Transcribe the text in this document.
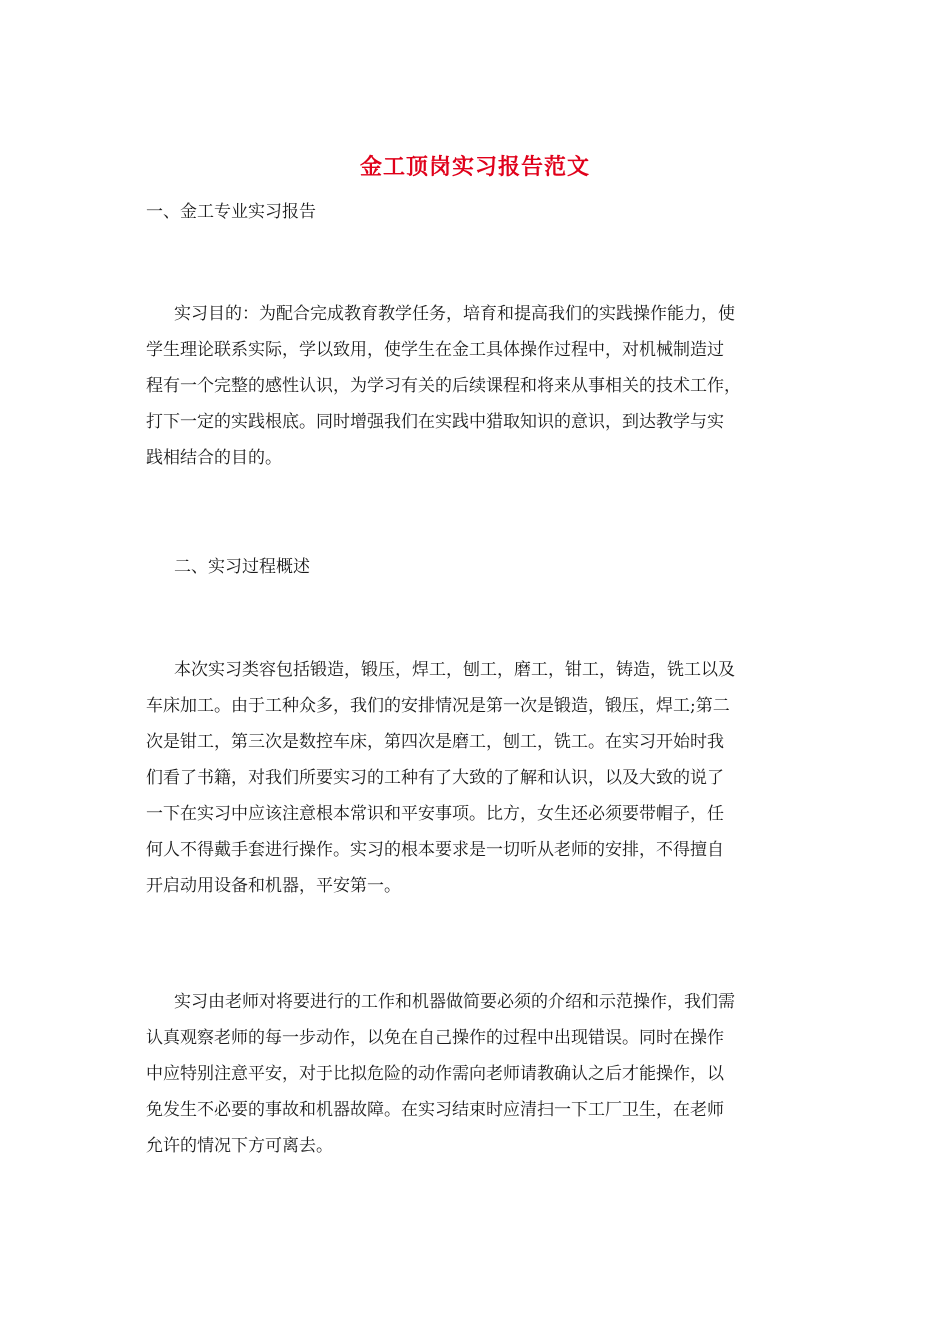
金工顶岗实习报告范文
一、金工专业实习报告
实习目的：为配合完成教育教学任务，培育和提高我们的实践操作能力，使
学生理论联系实际，学以致用，使学生在金工具体操作过程中，对机械制造过
程有一个完整的感性认识，为学习有关的后续课程和将来从事相关的技术工作，
打下一定的实践根底。同时增强我们在实践中猎取知识的意识，到达教学与实
践相结合的目的。
二、实习过程概述
本次实习类容包括锻造，锻压，焊工，刨工，磨工，钳工，铸造，铣工以及
车床加工。由于工种众多，我们的安排情况是第一次是锻造，锻压，焊工;第二
次是钳工，第三次是数控车床，第四次是磨工，刨工，铣工。在实习开始时我
们看了书籍，对我们所要实习的工种有了大致的了解和认识，以及大致的说了
一下在实习中应该注意根本常识和平安事项。比方，女生还必须要带帽子，任
何人不得戴手套进行操作。实习的根本要求是一切听从老师的安排，不得擅自
开启动用设备和机器，平安第一。
实习由老师对将要进行的工作和机器做简要必须的介绍和示范操作，我们需
认真观察老师的每一步动作，以免在自己操作的过程中出现错误。同时在操作
中应特别注意平安，对于比拟危险的动作需向老师请教确认之后才能操作，以
免发生不必要的事故和机器故障。在实习结束时应清扫一下工厂卫生，在老师
允许的情况下方可离去。
